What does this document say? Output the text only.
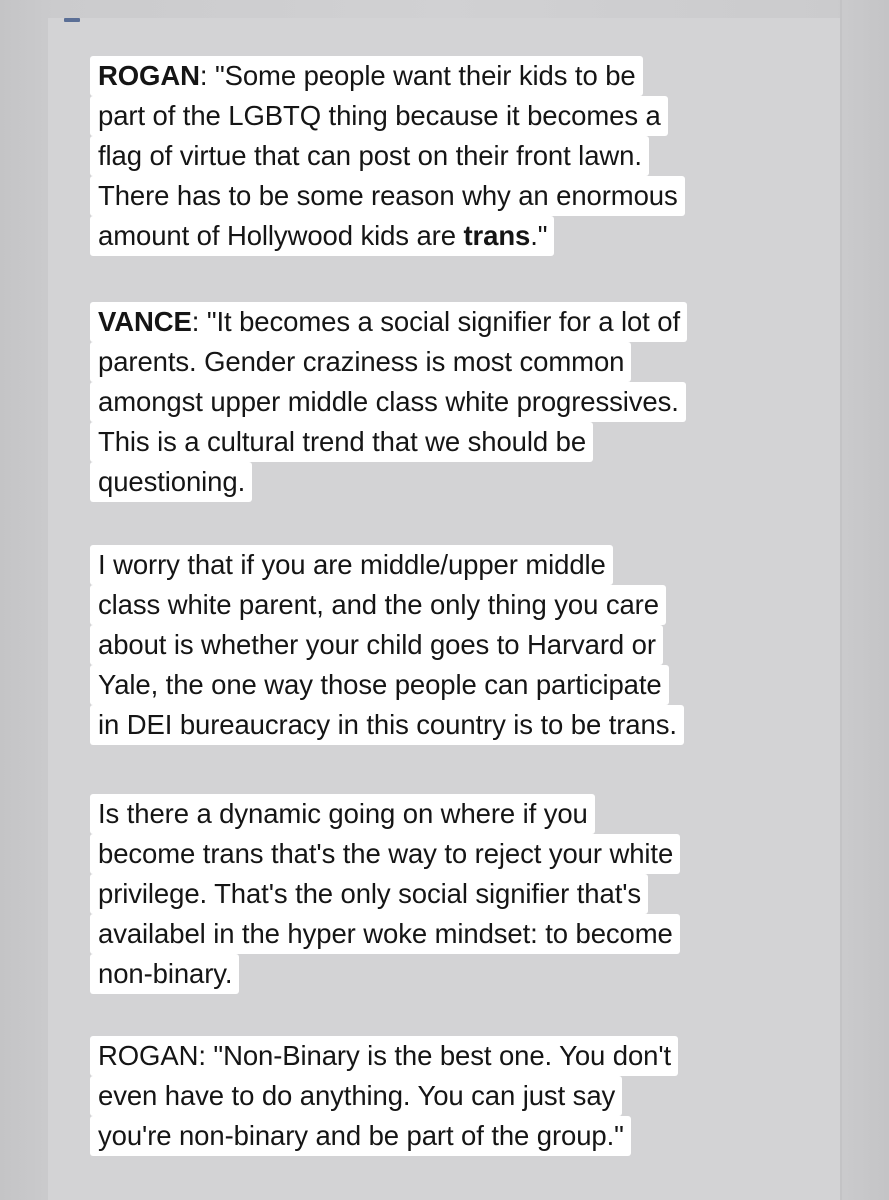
ROGAN: "Some people want their kids to be
part of the LGBTQ thing because it becomes a
flag of virtue that can post on their front lawn.
There has to be some reason why an enormous
amount of Hollywood kids are trans."
VANCE: "It becomes a social signifier for a lot of
parents. Gender craziness is most common
amongst upper middle class white progressives.
This is a cultural trend that we should be
questioning.
I worry that if you are middle/upper middle
class white parent, and the only thing you care
about is whether your child goes to Harvard or
Yale, the one way those people can participate
in DEI bureaucracy in this country is to be trans.
Is there a dynamic going on where if you
become trans that's the way to reject your white
privilege. That's the only social signifier that's
availabel in the hyper woke mindset: to become
non-binary.
ROGAN: "Non-Binary is the best one. You don't
even have to do anything. You can just say
you're non-binary and be part of the group."
